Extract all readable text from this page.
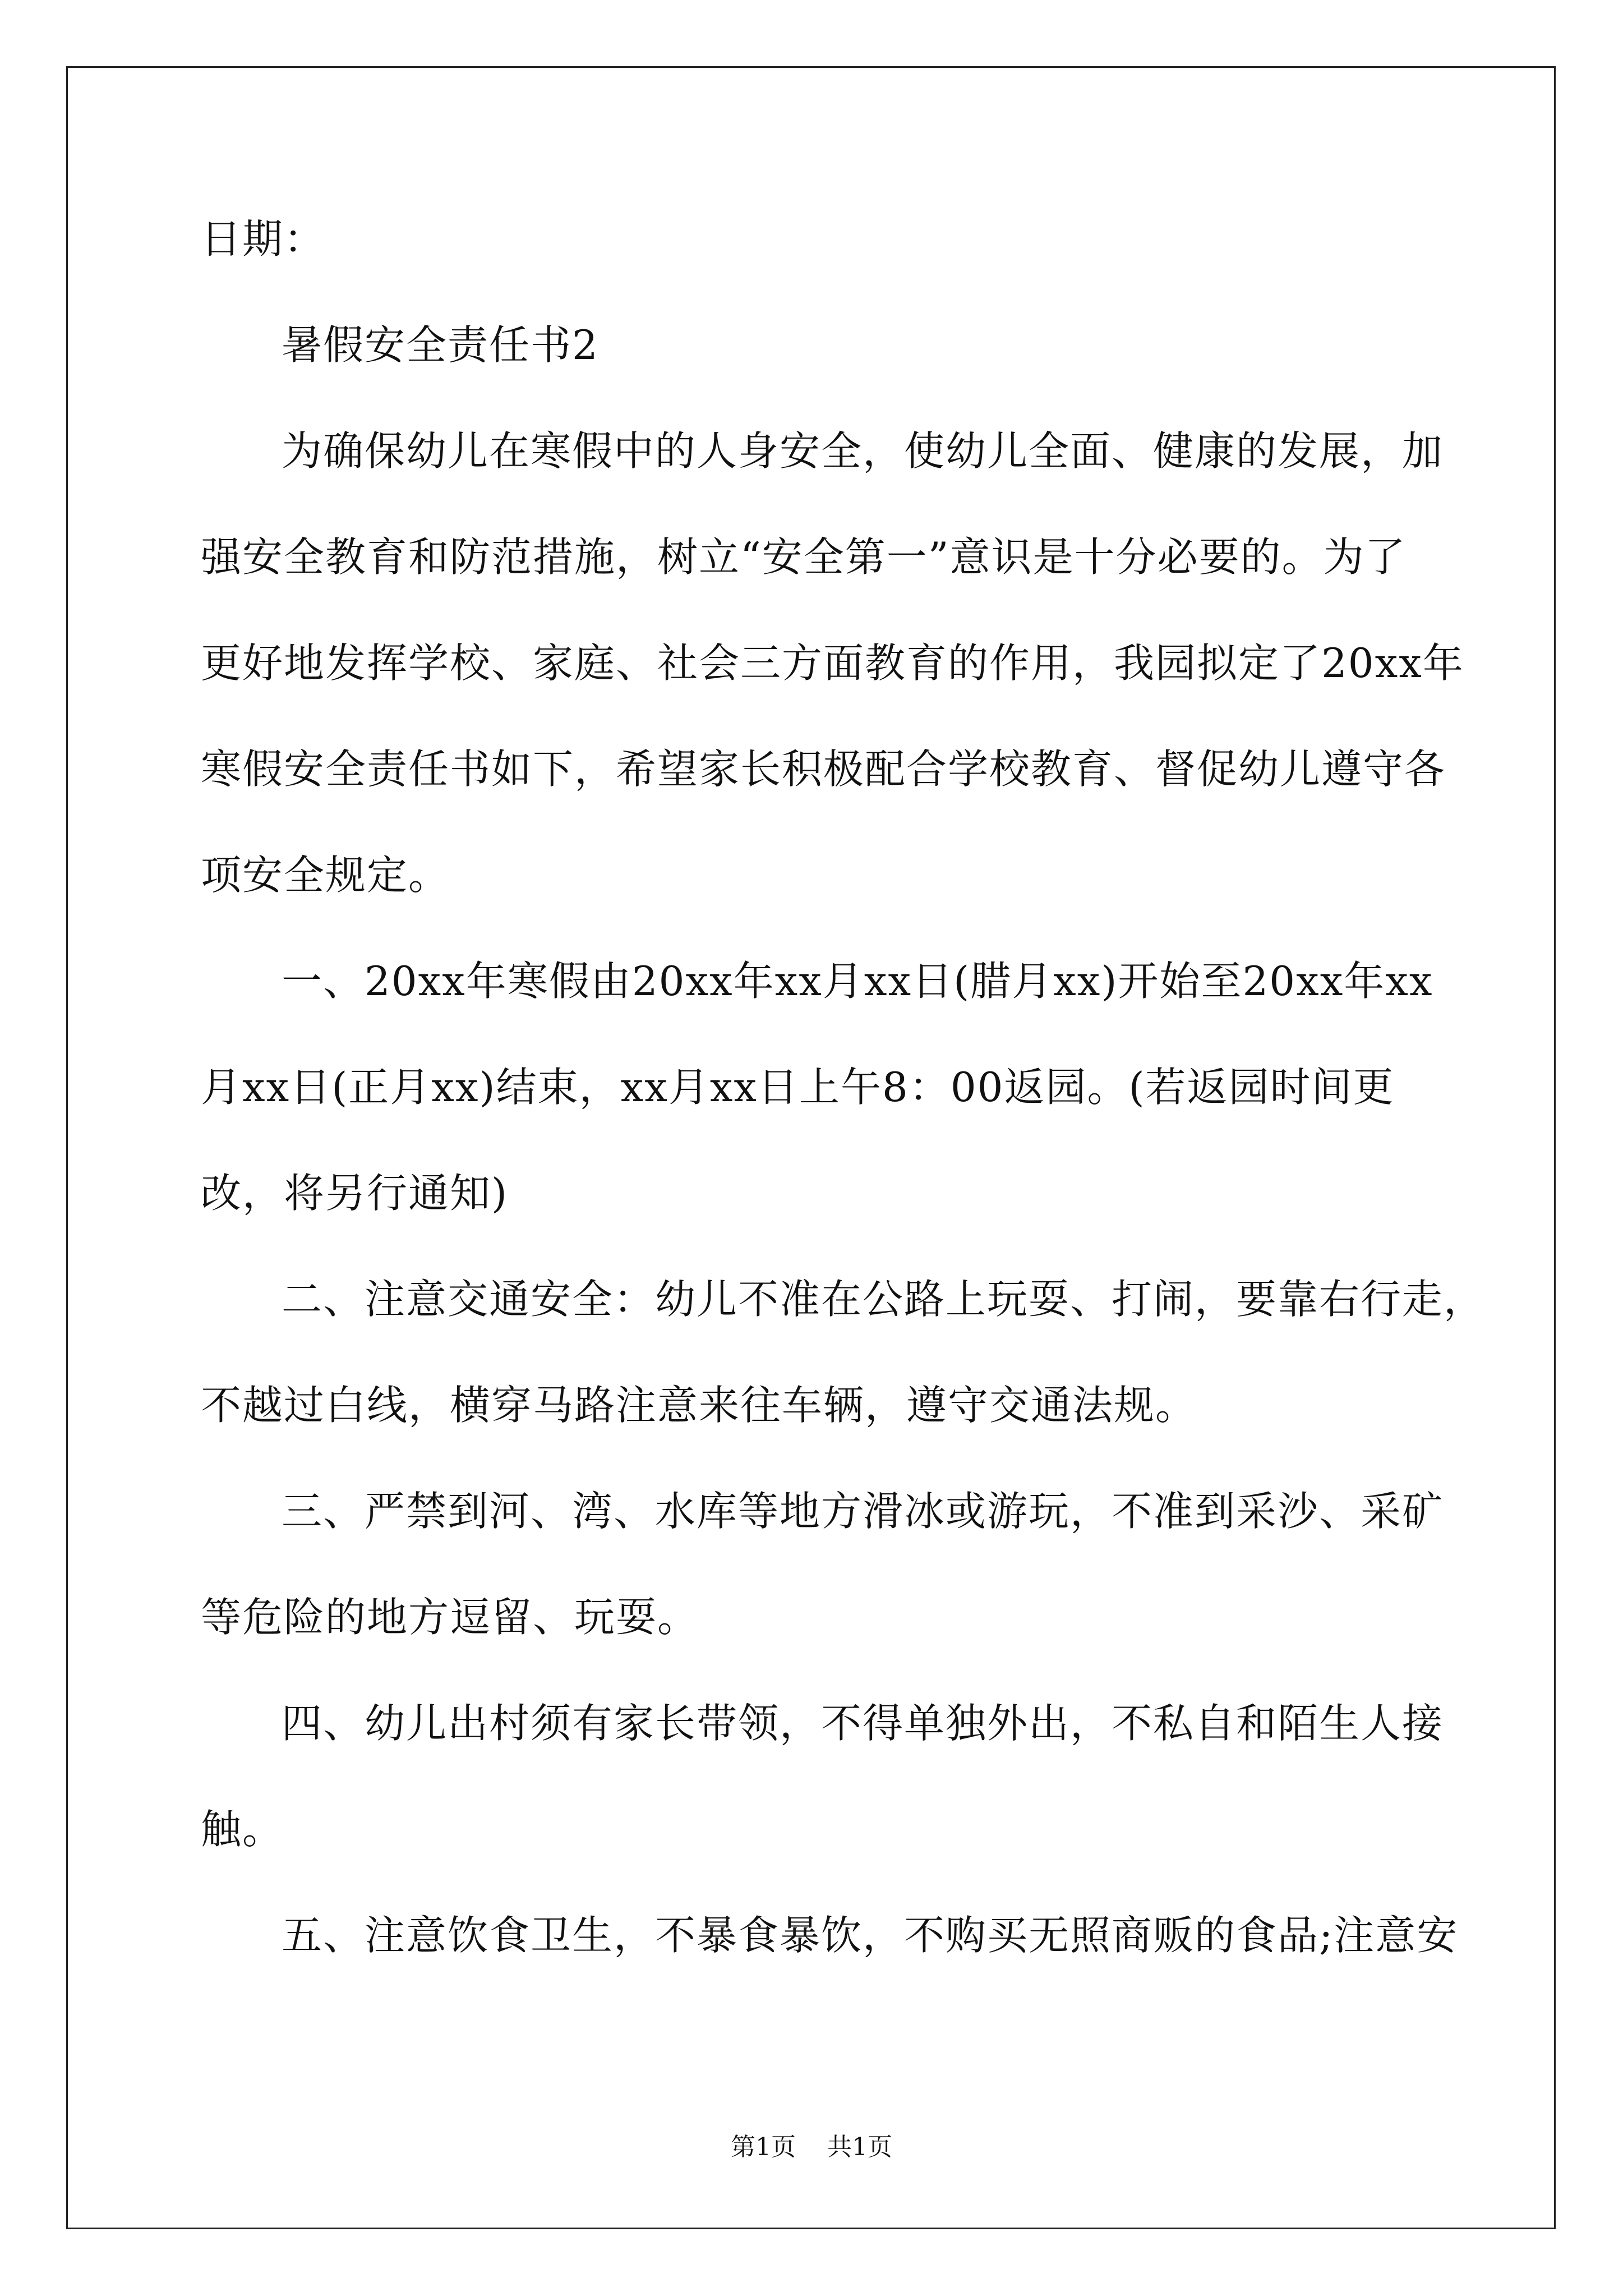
日期：
暑假安全责任书2
为确保幼儿在寒假中的人身安全，使幼儿全面、健康的发展，加
强安全教育和防范措施，树立“安全第一”意识是十分必要的。为了
更好地发挥学校、家庭、社会三方面教育的作用，我园拟定了20xx年
寒假安全责任书如下，希望家长积极配合学校教育、督促幼儿遵守各
项安全规定。
一、20xx年寒假由20xx年xx月xx日(腊月xx)开始至20xx年xx
月xx日(正月xx)结束，xx月xx日上午8：00返园。(若返园时间更
改，将另行通知)
二、注意交通安全：幼儿不准在公路上玩耍、打闹，要靠右行走，
不越过白线，横穿马路注意来往车辆，遵守交通法规。
三、严禁到河、湾、水库等地方滑冰或游玩，不准到采沙、采矿
等危险的地方逗留、玩耍。
四、幼儿出村须有家长带领，不得单独外出，不私自和陌生人接
触。
五、注意饮食卫生，不暴食暴饮，不购买无照商贩的食品;注意安
第1页 共1页
